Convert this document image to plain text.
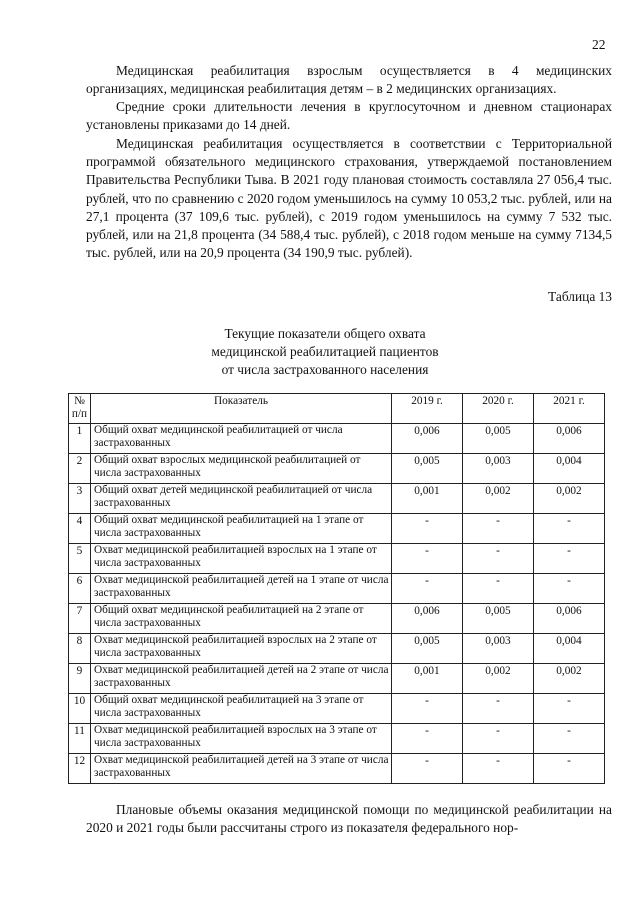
22

Медицинская реабилитация взрослым осуществляется в 4 медицинских организациях, медицинская реабилитация детям – в 2 медицинских организациях.

Средние сроки длительности лечения в круглосуточном и дневном стационарах установлены приказами до 14 дней.

Медицинская реабилитация осуществляется в соответствии с Территориальной программой обязательного медицинского страхования, утверждаемой постановлением Правительства Республики Тыва. В 2021 году плановая стоимость составляла 27 056,4 тыс. рублей, что по сравнению с 2020 годом уменьшилось на сумму 10 053,2 тыс. рублей, или на 27,1 процента (37 109,6 тыс. рублей), с 2019 годом уменьшилось на сумму 7 532 тыс. рублей, или на 21,8 процента (34 588,4 тыс. рублей), с 2018 годом меньше на сумму 7134,5 тыс. рублей, или на 20,9 процента (34 190,9 тыс. рублей).

Таблица 13
Текущие показатели общего охвата
медицинской реабилитацией пациентов
от числа застрахованного населения
№ п/п	Показатель	2019 г.	2020 г.	2021 г.

1	Общий охват медицинской реабилитацией от числа застрахованных	0,006	0,005	0,006

2	Общий охват взрослых медицинской реабилитацией от числа застрахованных	0,005	0,003	0,004

3	Общий охват детей медицинской реабилитацией от числа застрахованных	0,001	0,002	0,002

4	Общий охват медицинской реабилитацией на 1 этапе от числа застрахованных	-	-	-

5	Охват медицинской реабилитацией взрослых на 1 этапе от числа застрахованных	-	-	-

6	Охват медицинской реабилитацией детей на 1 этапе от числа застрахованных	-	-	-

7	Общий охват медицинской реабилитацией на 2 этапе от числа застрахованных	0,006	0,005	0,006

8	Охват медицинской реабилитацией взрослых на 2 этапе от числа застрахованных	0,005	0,003	0,004

9	Охват медицинской реабилитацией детей на 2 этапе от числа застрахованных	0,001	0,002	0,002

10	Общий охват медицинской реабилитацией на 3 этапе от числа застрахованных	-	-	-

11	Охват медицинской реабилитацией взрослых на 3 этапе от числа застрахованных	-	-	-

12	Охват медицинской реабилитацией детей на 3 этапе от числа застрахованных	-	-	-

Плановые объемы оказания медицинской помощи по медицинской реабилитации на 2020 и 2021 годы были рассчитаны строго из показателя федерального нор-
